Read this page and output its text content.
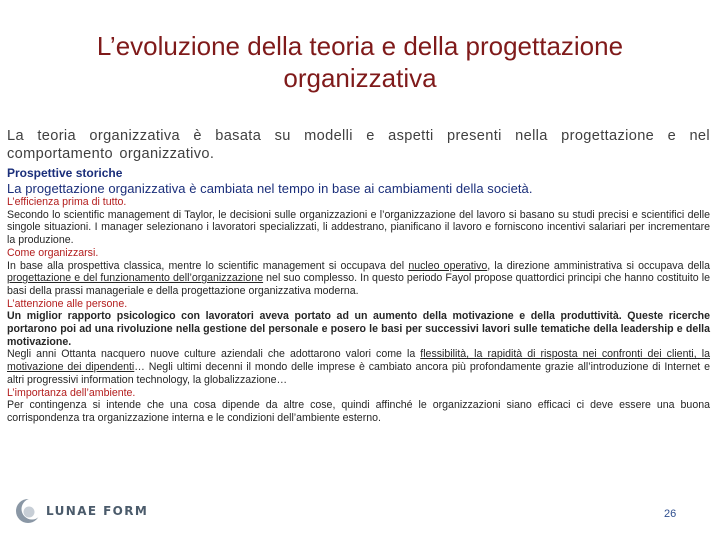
L’evoluzione della teoria e della progettazione
organizzativa
La teoria organizzativa è basata su modelli e aspetti presenti nella progettazione e nel comportamento organizzativo.
Prospettive storiche
La progettazione organizzativa è cambiata nel tempo in base ai cambiamenti della società.

L’efficienza prima di tutto.

Secondo lo scientific management di Taylor, le decisioni sulle organizzazioni e l’organizzazione del lavoro si basano su studi precisi e scientifici delle singole situazioni. I manager selezionano i lavoratori specializzati, li addestrano, pianificano il lavoro e forniscono incentivi salariari per incrementare la produzione.

Come organizzarsi.

In base alla prospettiva classica, mentre lo scientific management si occupava del nucleo operativo, la direzione amministrativa si occupava della progettazione e del funzionamento dell’organizzazione nel suo complesso. In questo periodo Fayol propose quattordici principi che hanno costituito le basi della prassi manageriale e della progettazione organizzativa moderna.

L’attenzione alle persone.

Un miglior rapporto psicologico con lavoratori aveva portato ad un aumento della motivazione e della produttività. Queste ricerche portarono poi ad una rivoluzione nella gestione del personale e posero le basi per successivi lavori sulle tematiche della leadership e della motivazione.

Negli anni Ottanta nacquero nuove culture aziendali che adottarono valori come la flessibilità, la rapidità di risposta nei confronti dei clienti, la motivazione dei dipendenti… Negli ultimi decenni il mondo delle imprese è cambiato ancora più profondamente grazie all’introduzione di Internet e altri progressivi information technology, la globalizzazione…

L’importanza dell’ambiente.

Per contingenza si intende che una cosa dipende da altre cose, quindi affinché le organizzazioni siano efficaci ci deve essere una buona corrispondenza tra organizzazione interna e le condizioni dell’ambiente esterno.

LUNAE FORM	26
